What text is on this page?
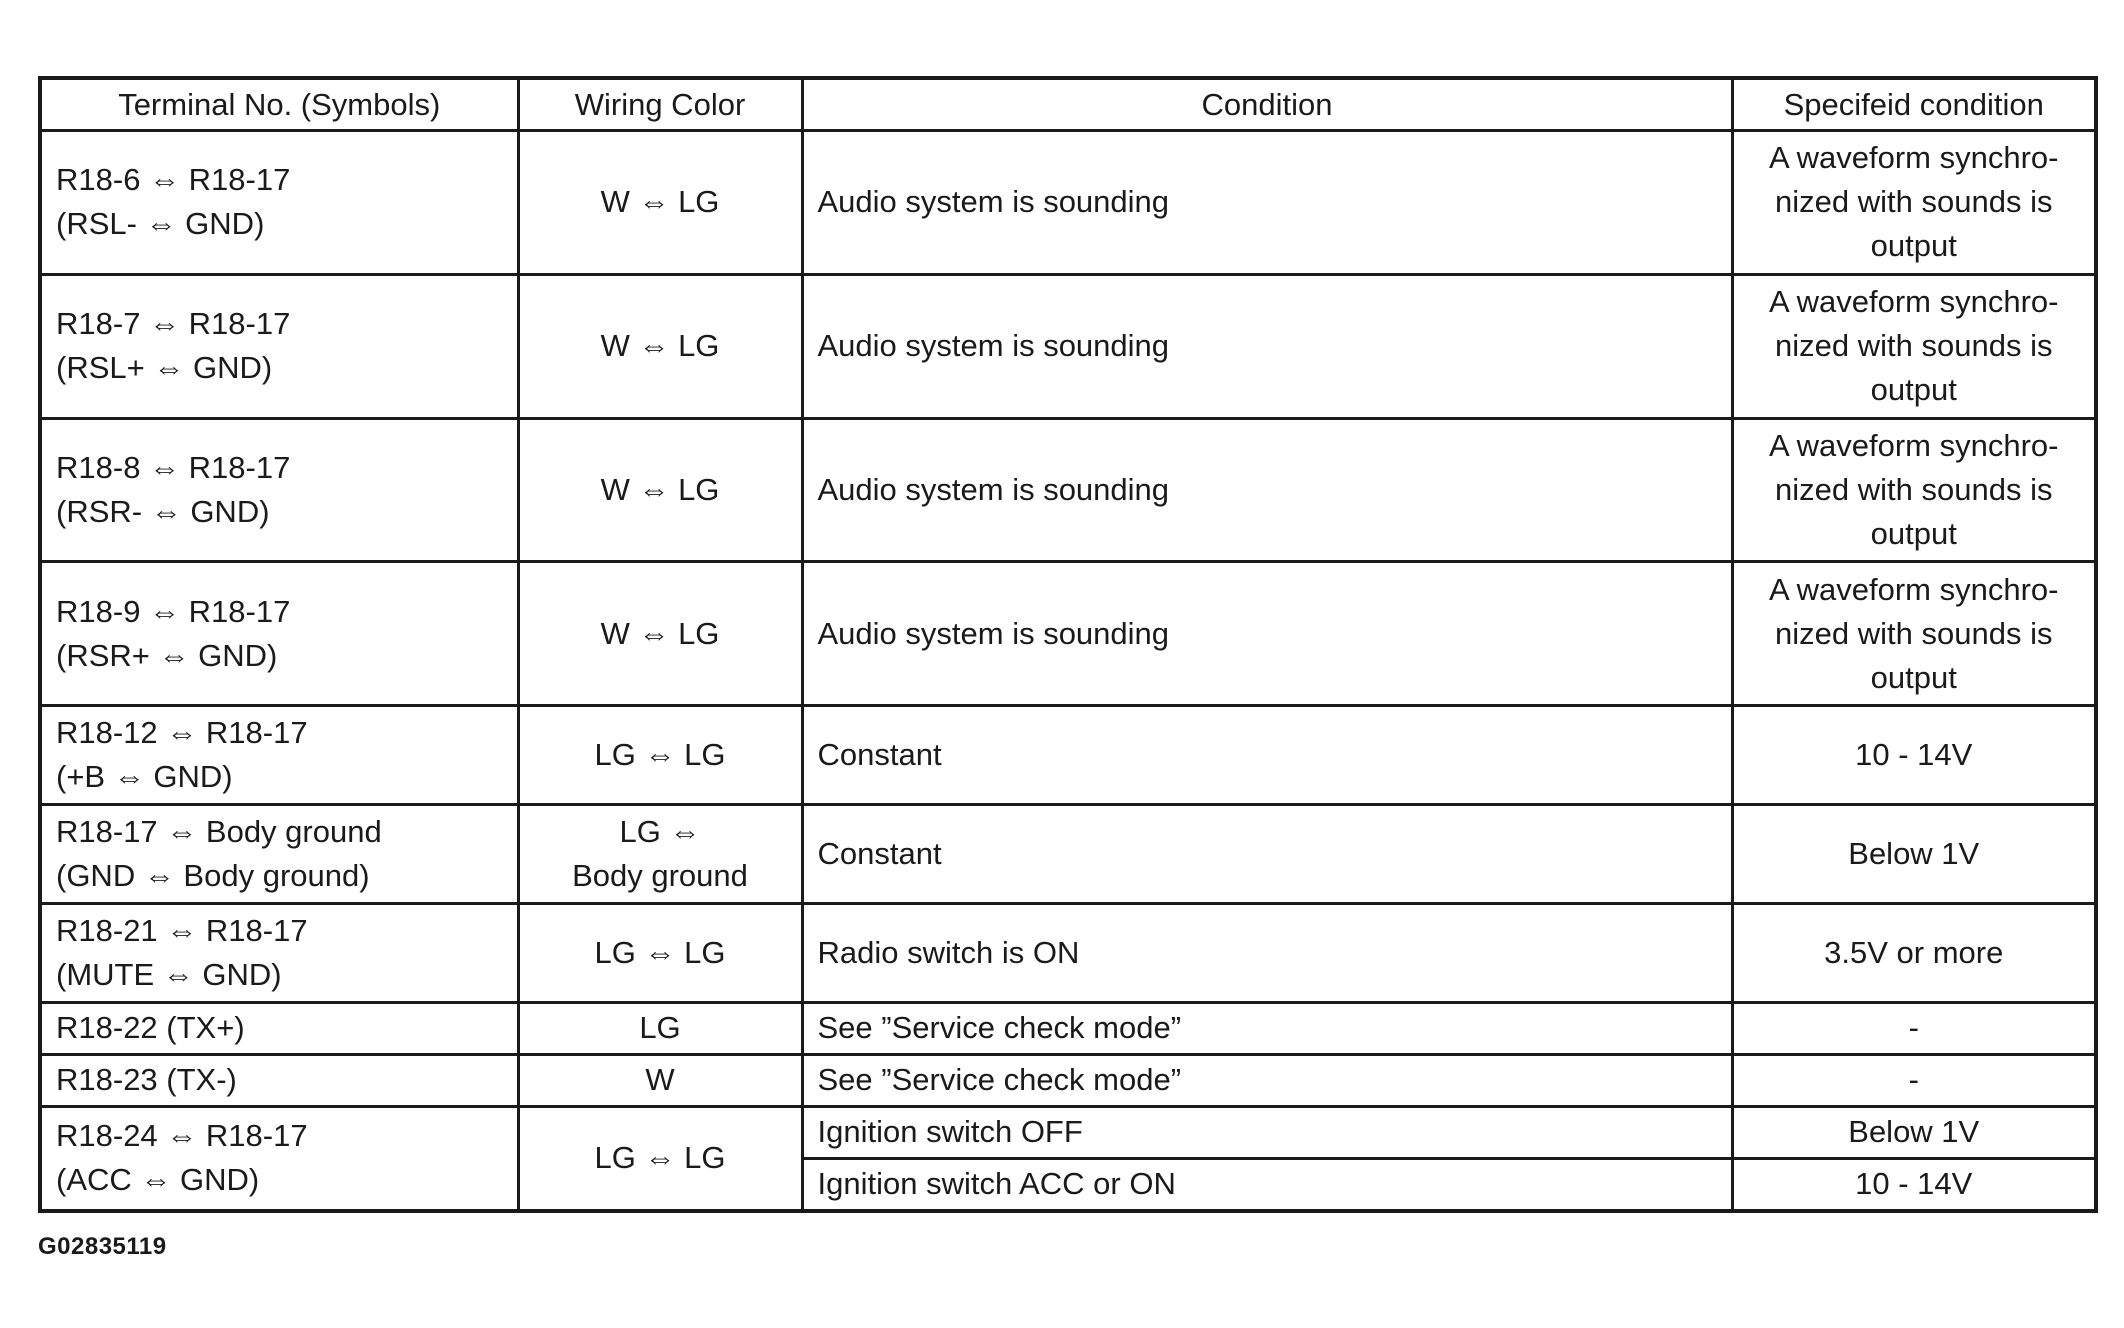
Terminal No. (Symbols)	Wiring Color	Condition	Specifeid condition

R18-6 ⇔ R18-17
(RSL- ⇔ GND)	W ⇔ LG	Audio system is sounding	A waveform synchro-
nized with sounds is
output

R18-7 ⇔ R18-17
(RSL+ ⇔ GND)	W ⇔ LG	Audio system is sounding	A waveform synchro-
nized with sounds is
output

R18-8 ⇔ R18-17
(RSR- ⇔ GND)	W ⇔ LG	Audio system is sounding	A waveform synchro-
nized with sounds is
output

R18-9 ⇔ R18-17
(RSR+ ⇔ GND)	W ⇔ LG	Audio system is sounding	A waveform synchro-
nized with sounds is
output

R18-12 ⇔ R18-17
(+B ⇔ GND)	LG ⇔ LG	Constant	10 - 14V

R18-17 ⇔ Body ground
(GND ⇔ Body ground)	LG ⇔
Body ground	Constant	Below 1V

R18-21 ⇔ R18-17
(MUTE ⇔ GND)	LG ⇔ LG	Radio switch is ON	3.5V or more

R18-22 (TX+)	LG	See ”Service check mode”	-

R18-23 (TX-)	W	See ”Service check mode”	-

R18-24 ⇔ R18-17
(ACC ⇔ GND)	LG ⇔ LG	Ignition switch OFF	Below 1V
		Ignition switch ACC or ON	10 - 14V
G02835119
